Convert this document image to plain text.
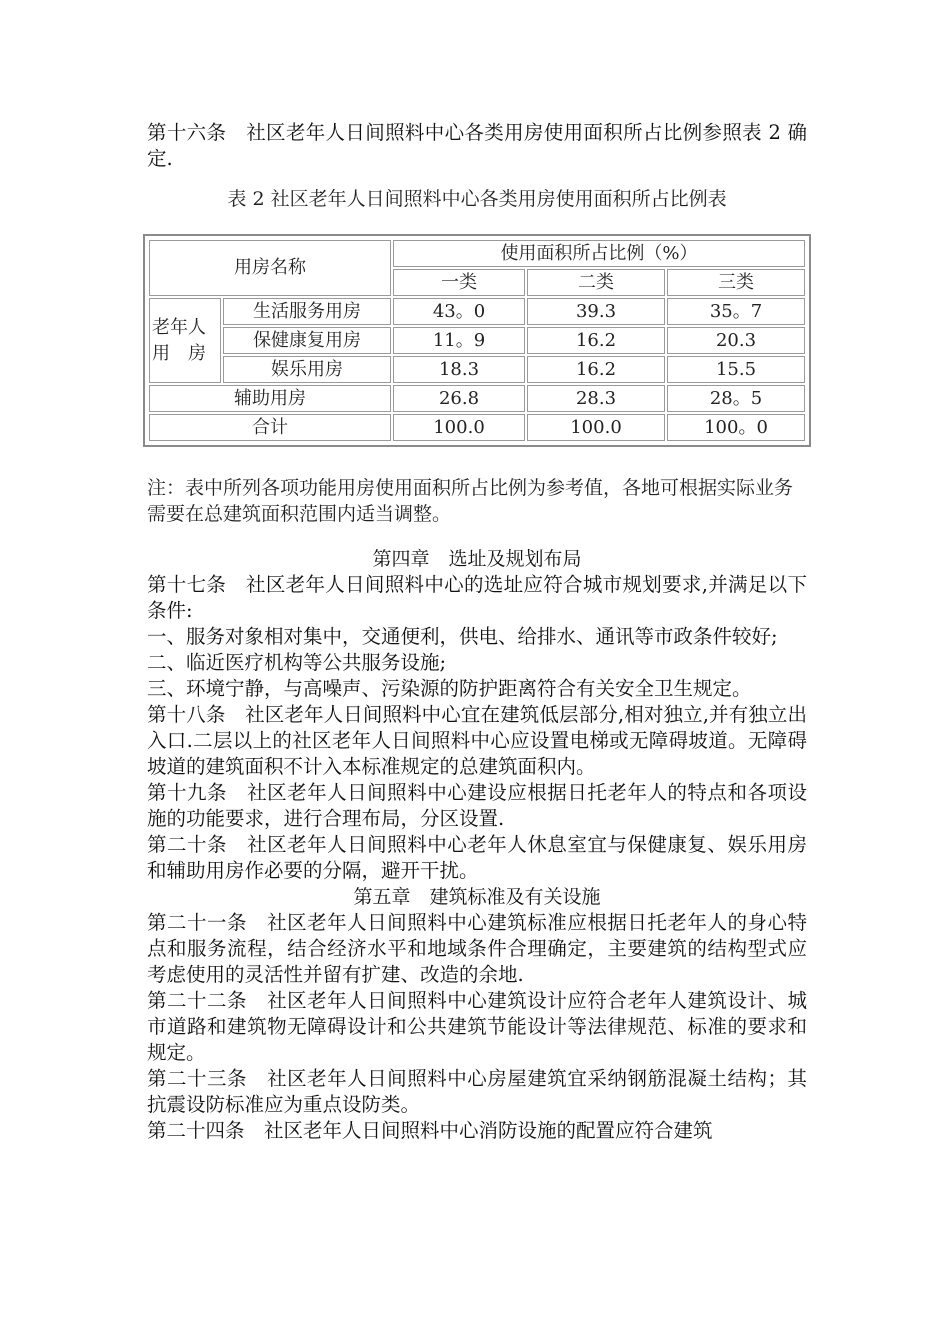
第十六条　社区老年人日间照料中心各类用房使用面积所占比例参照表 2 确定.

表 2 社区老年人日间照料中心各类用房使用面积所占比例表
用房名称		使用面积所占比例（%）		
		一类	二类	三类
老年人用　房	生活服务用房	43。0	39.3	35。7
	保健康复用房	11。9	16.2	20.3
	娱乐用房	18.3	16.2	15.5
辅助用房		26.8	28.3	28。5
合计		100.0	100.0	100。0

注：表中所列各项功能用房使用面积所占比例为参考值，各地可根据实际业务需要在总建筑面积范围内适当调整。

第四章　选址及规划布局

第十七条　社区老年人日间照料中心的选址应符合城市规划要求,并满足以下条件:

一、服务对象相对集中，交通便利，供电、给排水、通讯等市政条件较好;

二、临近医疗机构等公共服务设施;

三、环境宁静，与高噪声、污染源的防护距离符合有关安全卫生规定。

第十八条　社区老年人日间照料中心宜在建筑低层部分,相对独立,并有独立出入口.二层以上的社区老年人日间照料中心应设置电梯或无障碍坡道。无障碍坡道的建筑面积不计入本标准规定的总建筑面积内。

第十九条　社区老年人日间照料中心建设应根据日托老年人的特点和各项设施的功能要求，进行合理布局，分区设置.

第二十条　社区老年人日间照料中心老年人休息室宜与保健康复、娱乐用房和辅助用房作必要的分隔，避开干扰。

第五章　建筑标准及有关设施

第二十一条　社区老年人日间照料中心建筑标准应根据日托老年人的身心特点和服务流程，结合经济水平和地域条件合理确定，主要建筑的结构型式应考虑使用的灵活性并留有扩建、改造的余地.

第二十二条　社区老年人日间照料中心建筑设计应符合老年人建筑设计、城市道路和建筑物无障碍设计和公共建筑节能设计等法律规范、标准的要求和规定。

第二十三条　社区老年人日间照料中心房屋建筑宜采纳钢筋混凝土结构；其抗震设防标准应为重点设防类。

第二十四条　社区老年人日间照料中心消防设施的配置应符合建筑
